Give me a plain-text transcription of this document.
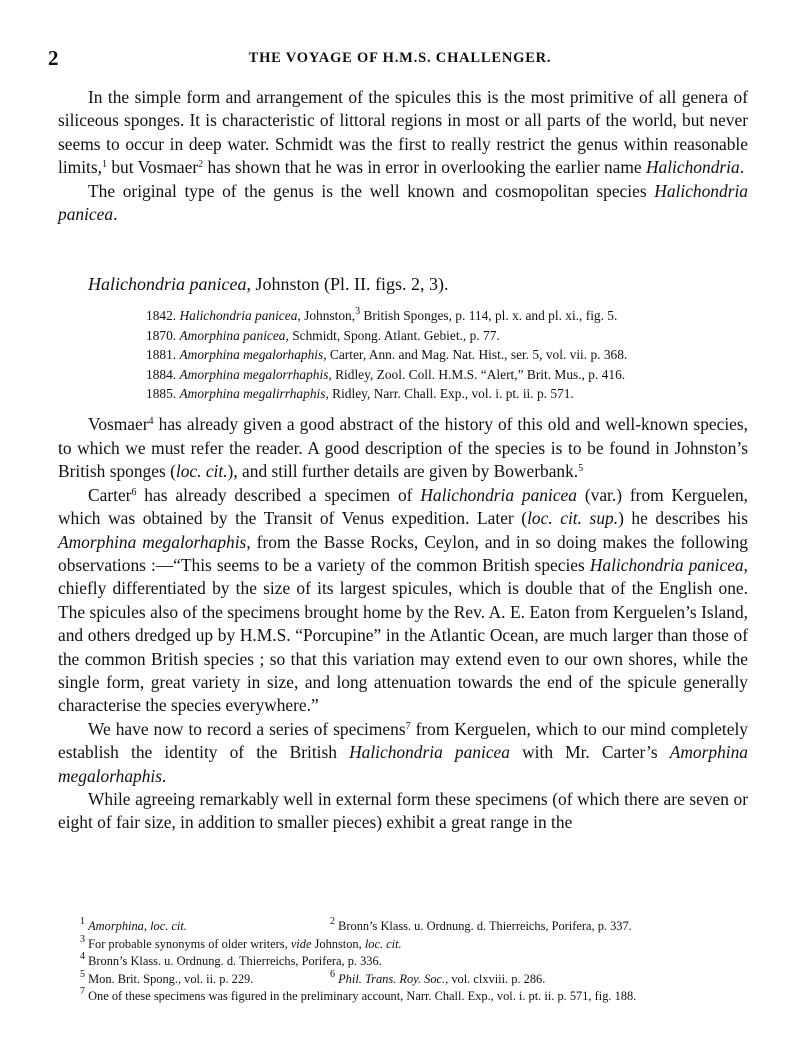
2	THE VOYAGE OF H.M.S. CHALLENGER.

In the simple form and arrangement of the spicules this is the most primitive of all genera of siliceous sponges. It is characteristic of littoral regions in most or all parts of the world, but never seems to occur in deep water. Schmidt was the first to really restrict the genus within reasonable limits,$^1$ but Vosmaer$^2$ has shown that he was in error in overlooking the earlier name Halichondria.

The original type of the genus is the well known and cosmopolitan species Halichondria panicea.

Halichondria panicea, Johnston (Pl. II. figs. 2, 3).
1842. Halichondria panicea, Johnston,$^3$ British Sponges, p. 114, pl. x. and pl. xi., fig. 5.
1870. Amorphina panicea, Schmidt, Spong. Atlant. Gebiet., p. 77.
1881. Amorphina megalorhaphis, Carter, Ann. and Mag. Nat. Hist., ser. 5, vol. vii. p. 368.
1884. Amorphina megalorrhaphis, Ridley, Zool. Coll. H.M.S. “Alert,” Brit. Mus., p. 416.
1885. Amorphina megalirrhaphis, Ridley, Narr. Chall. Exp., vol. i. pt. ii. p. 571.

Vosmaer$^4$ has already given a good abstract of the history of this old and well-known species, to which we must refer the reader. A good description of the species is to be found in Johnston’s British sponges (loc. cit.), and still further details are given by Bowerbank.$^5$

Carter$^6$ has already described a specimen of Halichondria panicea (var.) from Kerguelen, which was obtained by the Transit of Venus expedition. Later (loc. cit. sup.) he describes his Amorphina megalorhaphis, from the Basse Rocks, Ceylon, and in so doing makes the following observations :—“This seems to be a variety of the common British species Halichondria panicea, chiefly differentiated by the size of its largest spicules, which is double that of the English one. The spicules also of the specimens brought home by the Rev. A. E. Eaton from Kerguelen’s Island, and others dredged up by H.M.S. “Porcupine” in the Atlantic Ocean, are much larger than those of the common British species ; so that this variation may extend even to our own shores, while the single form, great variety in size, and long attenuation towards the end of the spicule generally characterise the species everywhere.”

We have now to record a series of specimens$^7$ from Kerguelen, which to our mind completely establish the identity of the British Halichondria panicea with Mr. Carter’s Amorphina megalorhaphis.

While agreeing remarkably well in external form these specimens (of which there are seven or eight of fair size, in addition to smaller pieces) exhibit a great range in the

$^1$ Amorphina, loc. cit.	$^2$ Bronn’s Klass. u. Ordnung. d. Thierreichs, Porifera, p. 337.
$^3$ For probable synonyms of older writers, vide Johnston, loc. cit.
$^4$ Bronn’s Klass. u. Ordnung. d. Thierreichs, Porifera, p. 336.
$^5$ Mon. Brit. Spong., vol. ii. p. 229.	$^6$ Phil. Trans. Roy. Soc., vol. clxviii. p. 286.
$^7$ One of these specimens was figured in the preliminary account, Narr. Chall. Exp., vol. i. pt. ii. p. 571, fig. 188.
